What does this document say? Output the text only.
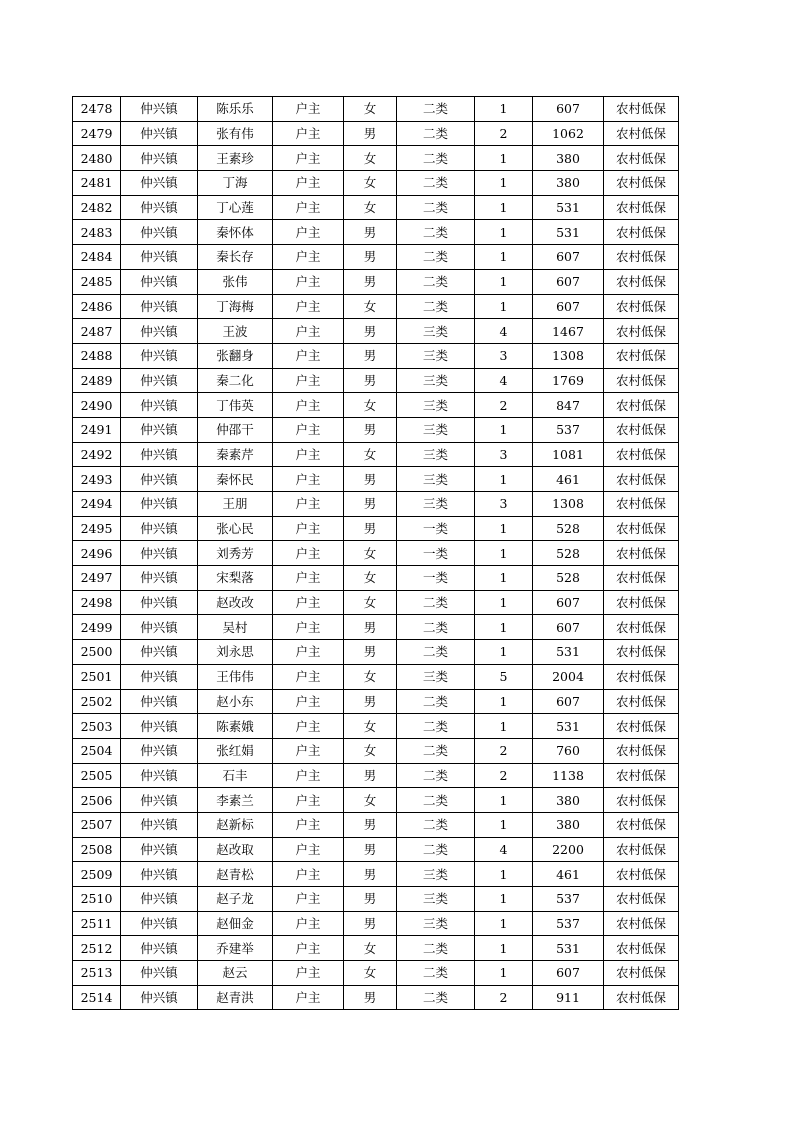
2478	仲兴镇	陈乐乐	户主	女	二类	1	607	农村低保
2479	仲兴镇	张有伟	户主	男	二类	2	1062	农村低保
2480	仲兴镇	王素珍	户主	女	二类	1	380	农村低保
2481	仲兴镇	丁海	户主	女	二类	1	380	农村低保
2482	仲兴镇	丁心莲	户主	女	二类	1	531	农村低保
2483	仲兴镇	秦怀体	户主	男	二类	1	531	农村低保
2484	仲兴镇	秦长存	户主	男	二类	1	607	农村低保
2485	仲兴镇	张伟	户主	男	二类	1	607	农村低保
2486	仲兴镇	丁海梅	户主	女	二类	1	607	农村低保
2487	仲兴镇	王波	户主	男	三类	4	1467	农村低保
2488	仲兴镇	张翻身	户主	男	三类	3	1308	农村低保
2489	仲兴镇	秦二化	户主	男	三类	4	1769	农村低保
2490	仲兴镇	丁伟英	户主	女	三类	2	847	农村低保
2491	仲兴镇	仲邵干	户主	男	三类	1	537	农村低保
2492	仲兴镇	秦素芹	户主	女	三类	3	1081	农村低保
2493	仲兴镇	秦怀民	户主	男	三类	1	461	农村低保
2494	仲兴镇	王朋	户主	男	三类	3	1308	农村低保
2495	仲兴镇	张心民	户主	男	一类	1	528	农村低保
2496	仲兴镇	刘秀芳	户主	女	一类	1	528	农村低保
2497	仲兴镇	宋梨落	户主	女	一类	1	528	农村低保
2498	仲兴镇	赵改改	户主	女	二类	1	607	农村低保
2499	仲兴镇	吴村	户主	男	二类	1	607	农村低保
2500	仲兴镇	刘永思	户主	男	二类	1	531	农村低保
2501	仲兴镇	王伟伟	户主	女	三类	5	2004	农村低保
2502	仲兴镇	赵小东	户主	男	二类	1	607	农村低保
2503	仲兴镇	陈素娥	户主	女	二类	1	531	农村低保
2504	仲兴镇	张红娟	户主	女	二类	2	760	农村低保
2505	仲兴镇	石丰	户主	男	二类	2	1138	农村低保
2506	仲兴镇	李素兰	户主	女	二类	1	380	农村低保
2507	仲兴镇	赵新标	户主	男	二类	1	380	农村低保
2508	仲兴镇	赵改取	户主	男	二类	4	2200	农村低保
2509	仲兴镇	赵青松	户主	男	三类	1	461	农村低保
2510	仲兴镇	赵子龙	户主	男	三类	1	537	农村低保
2511	仲兴镇	赵佃金	户主	男	三类	1	537	农村低保
2512	仲兴镇	乔建举	户主	女	二类	1	531	农村低保
2513	仲兴镇	赵云	户主	女	二类	1	607	农村低保
2514	仲兴镇	赵青洪	户主	男	二类	2	911	农村低保
